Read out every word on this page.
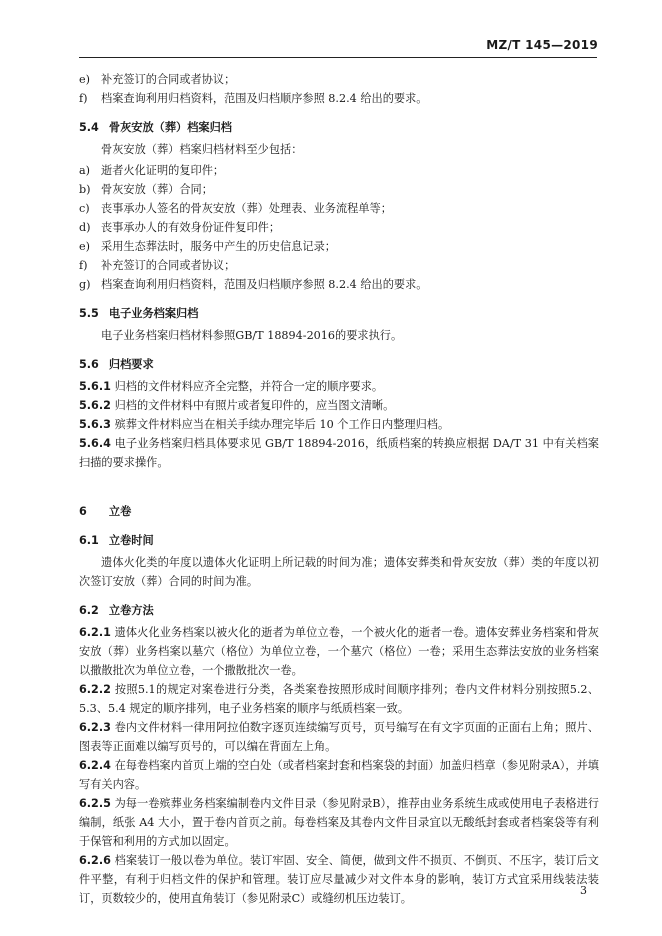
MZ/T 145—2019

e) 补充签订的合同或者协议；

f) 档案查询利用归档资料，范围及归档顺序参照 8.2.4 给出的要求。

5.4 骨灰安放（葬）档案归档

骨灰安放（葬）档案归档材料至少包括：

a) 逝者火化证明的复印件；

b) 骨灰安放（葬）合同；

c) 丧事承办人签名的骨灰安放（葬）处理表、业务流程单等；

d) 丧事承办人的有效身份证件复印件；

e) 采用生态葬法时，服务中产生的历史信息记录；

f) 补充签订的合同或者协议；

g) 档案查询利用归档资料，范围及归档顺序参照 8.2.4 给出的要求。

5.5 电子业务档案归档

电子业务档案归档材料参照GB/T 18894-2016的要求执行。

5.6 归档要求

5.6.1 归档的文件材料应齐全完整，并符合一定的顺序要求。

5.6.2 归档的文件材料中有照片或者复印件的，应当图文清晰。

5.6.3 殡葬文件材料应当在相关手续办理完毕后 10 个工作日内整理归档。

5.6.4 电子业务档案归档具体要求见 GB/T 18894-2016，纸质档案的转换应根据 DA/T 31 中有关档案扫描的要求操作。

6 立卷
6.1 立卷时间

遗体火化类的年度以遗体火化证明上所记载的时间为准；遗体安葬类和骨灰安放（葬）类的年度以初次签订安放（葬）合同的时间为准。

6.2 立卷方法

6.2.1 遗体火化业务档案以被火化的逝者为单位立卷，一个被火化的逝者一卷。遗体安葬业务档案和骨灰安放（葬）业务档案以墓穴（格位）为单位立卷，一个墓穴（格位）一卷；采用生态葬法安放的业务档案以撒散批次为单位立卷，一个撒散批次一卷。

6.2.2 按照5.1的规定对案卷进行分类，各类案卷按照形成时间顺序排列；卷内文件材料分别按照5.2、5.3、5.4 规定的顺序排列，电子业务档案的顺序与纸质档案一致。

6.2.3 卷内文件材料一律用阿拉伯数字逐页连续编写页号，页号编写在有文字页面的正面右上角；照片、图表等正面难以编写页号的，可以编在背面左上角。

6.2.4 在每卷档案内首页上端的空白处（或者档案封套和档案袋的封面）加盖归档章（参见附录A），并填写有关内容。

6.2.5 为每一卷殡葬业务档案编制卷内文件目录（参见附录B），推荐由业务系统生成或使用电子表格进行编制，纸张 A4 大小，置于卷内首页之前。每卷档案及其卷内文件目录宜以无酸纸封套或者档案袋等有利于保管和利用的方式加以固定。

6.2.6 档案装订一般以卷为单位。装订牢固、安全、简便，做到文件不损页、不倒页、不压字，装订后文件平整，有利于归档文件的保护和管理。装订应尽量减少对文件本身的影响，装订方式宜采用线装法装订，页数较少的，使用直角装订（参见附录C）或缝纫机压边装订。

3
